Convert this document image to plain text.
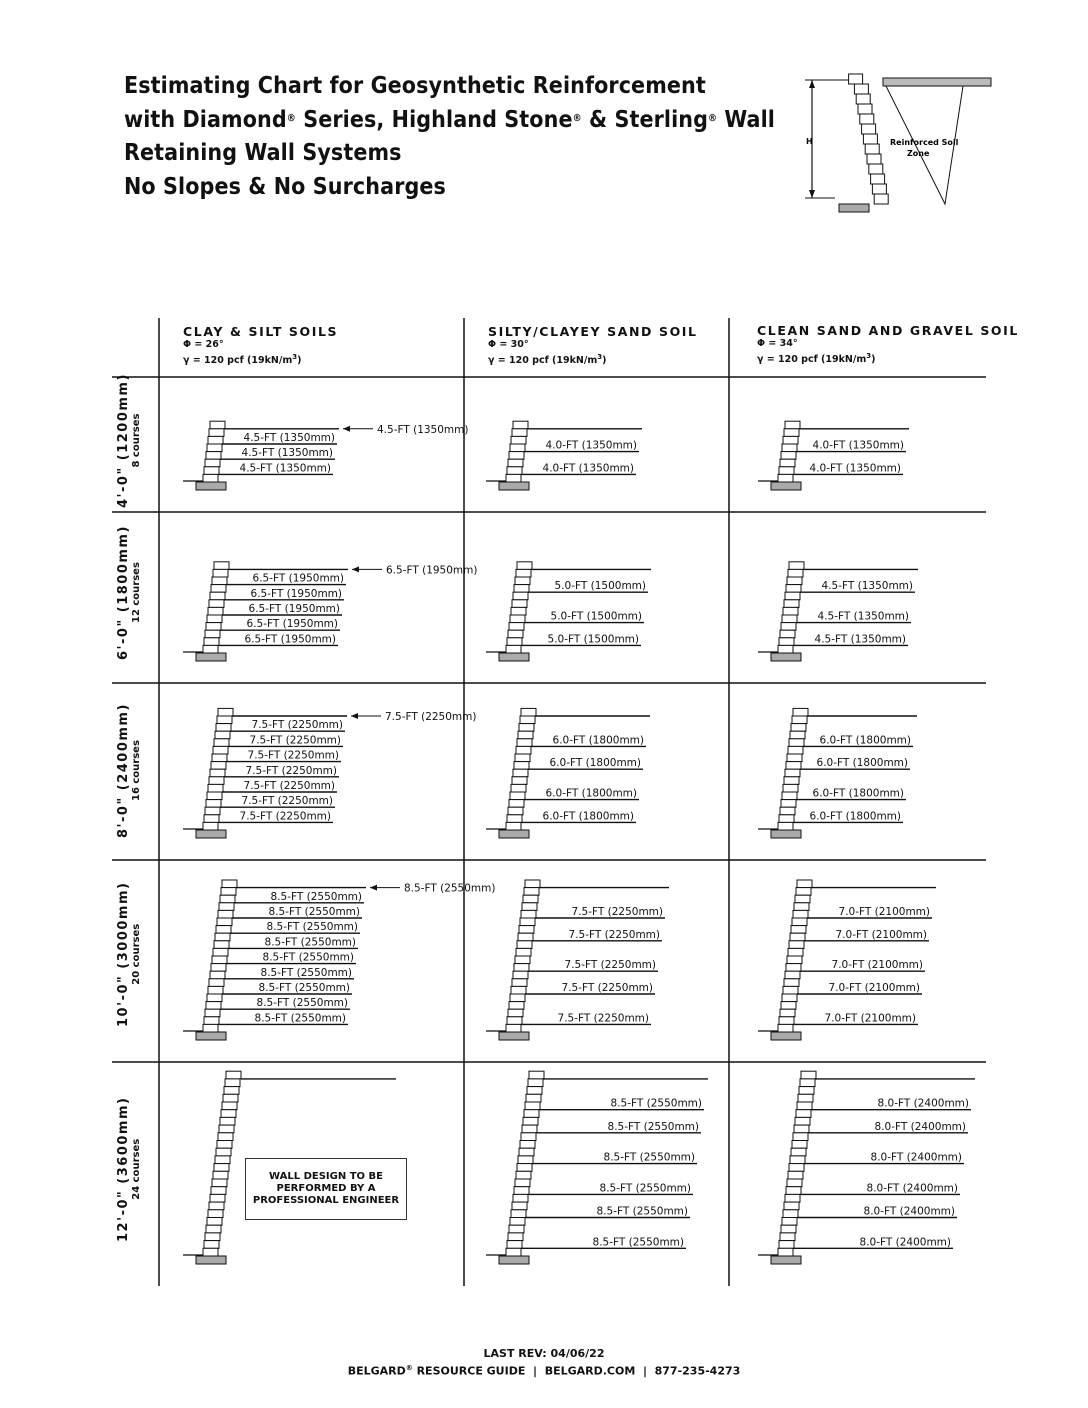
Estimating Chart for Geosynthetic Reinforcement
with Diamond® Series, Highland Stone® & Sterling® Wall
Retaining Wall Systems
No Slopes & No Surcharges
H	Reinforced Soil
Zone
4.5-FT (1350mm)
4.5-FT (1350mm)
4.5-FT (1350mm)
4.5-FT (1350mm)
4.0-FT (1350mm)
4.0-FT (1350mm)
4.0-FT (1350mm)
4.0-FT (1350mm)
6.5-FT (1950mm)
6.5-FT (1950mm)
6.5-FT (1950mm)
6.5-FT (1950mm)
6.5-FT (1950mm)
6.5-FT (1950mm)
5.0-FT (1500mm)
5.0-FT (1500mm)
5.0-FT (1500mm)
4.5-FT (1350mm)
4.5-FT (1350mm)
4.5-FT (1350mm)
7.5-FT (2250mm)
7.5-FT (2250mm)
7.5-FT (2250mm)
7.5-FT (2250mm)
7.5-FT (2250mm)
7.5-FT (2250mm)
7.5-FT (2250mm)
7.5-FT (2250mm)
6.0-FT (1800mm)
6.0-FT (1800mm)
6.0-FT (1800mm)
6.0-FT (1800mm)
6.0-FT (1800mm)
6.0-FT (1800mm)
6.0-FT (1800mm)
6.0-FT (1800mm)
8.5-FT (2550mm)
8.5-FT (2550mm)
8.5-FT (2550mm)
8.5-FT (2550mm)
8.5-FT (2550mm)
8.5-FT (2550mm)
8.5-FT (2550mm)
8.5-FT (2550mm)
8.5-FT (2550mm)
8.5-FT (2550mm)
7.5-FT (2250mm)
7.5-FT (2250mm)
7.5-FT (2250mm)
7.5-FT (2250mm)
7.5-FT (2250mm)
7.0-FT (2100mm)
7.0-FT (2100mm)
7.0-FT (2100mm)
7.0-FT (2100mm)
7.0-FT (2100mm)
8.5-FT (2550mm)
8.5-FT (2550mm)
8.5-FT (2550mm)
8.5-FT (2550mm)
8.5-FT (2550mm)
8.5-FT (2550mm)
8.0-FT (2400mm)
8.0-FT (2400mm)
8.0-FT (2400mm)
8.0-FT (2400mm)
8.0-FT (2400mm)
8.0-FT (2400mm)
CLAY & SILT SOILS
Φ = 26°
γ = 120 pcf $(19kN/m^3)$
SILTY/CLAYEY SAND SOIL
Φ = 30°
γ = 120 pcf $(19kN/m^3)$
CLEAN SAND AND GRAVEL SOIL
Φ = 34°
γ = 120 pcf $(19kN/m^3)$
4'-0" (1200mm) 8 courses
6'-0" (1800mm) 12 courses
8'-0" (2400mm) 16 courses
10'-0" (3000mm) 20 courses
12'-0" (3600mm) 24 courses	WALL DESIGN TO BE
PERFORMED BY A
PROFESSIONAL ENGINEER
LAST REV: 04/06/22
BELGARD® RESOURCE GUIDE  |  BELGARD.COM  |  877-235-4273
